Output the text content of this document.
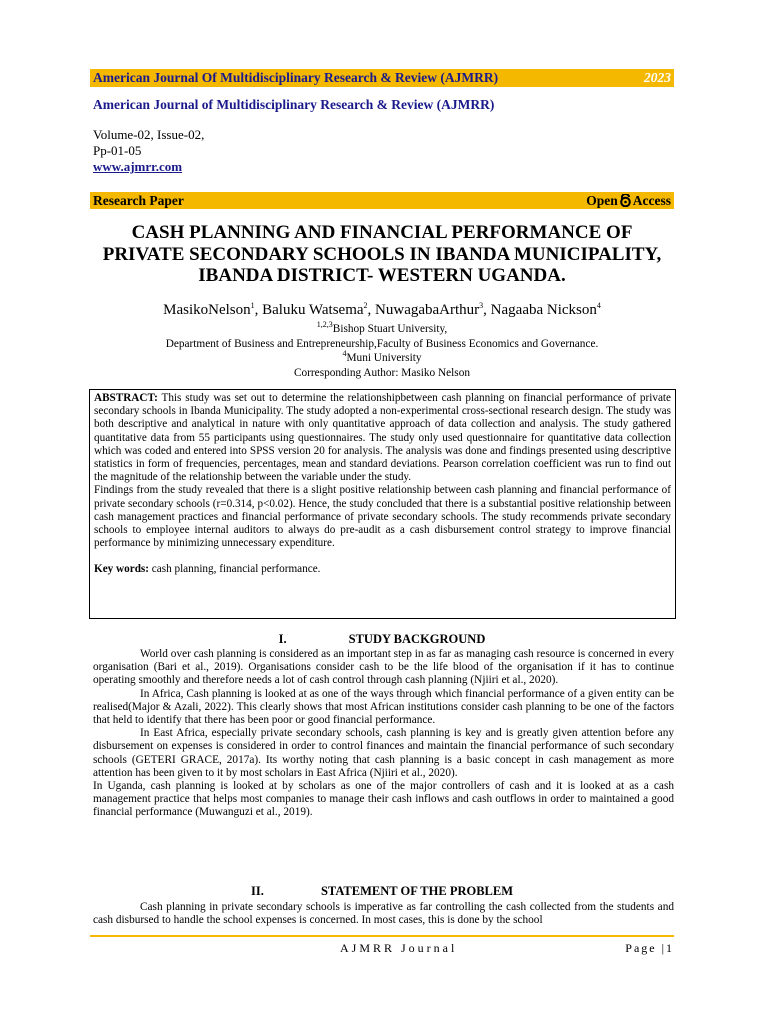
American Journal Of Multidisciplinary Research & Review (AJMRR)	2023
American Journal of Multidisciplinary Research & Review (AJMRR)
Volume-02, Issue-02,
Pp-01-05
www.ajmrr.com
Research Paper	Open Access
CASH PLANNING AND FINANCIAL PERFORMANCE OF PRIVATE SECONDARY SCHOOLS IN IBANDA MUNICIPALITY, IBANDA DISTRICT- WESTERN UGANDA.
MasikoNelson$^1$, Baluku Watsema$^2$, NuwagabaArthur$^3$, Nagaaba Nickson$^4$
$^{1,2,3}$Bishop Stuart University,
Department of Business and Entrepreneurship,Faculty of Business Economics and Governance.
$^4$Muni University
Corresponding Author: Masiko Nelson

ABSTRACT: This study was set out to determine the relationshipbetween cash planning on financial performance of private secondary schools in Ibanda Municipality. The study adopted a non-experimental cross-sectional research design. The study was both descriptive and analytical in nature with only quantitative approach of data collection and analysis. The study gathered quantitative data from 55 participants using questionnaires. The study only used questionnaire for quantitative data collection which was coded and entered into SPSS version 20 for analysis. The analysis was done and findings presented using descriptive statistics in form of frequencies, percentages, mean and standard deviations. Pearson correlation coefficient was run to find out the magnitude of the relationship between the variable under the study.

Findings from the study revealed that there is a slight positive relationship between cash planning and financial performance of private secondary schools (r=0.314, p<0.02). Hence, the study concluded that there is a substantial positive relationship between cash management practices and financial performance of private secondary schools. The study recommends private secondary schools to employee internal auditors to always do pre-audit as a cash disbursement control strategy to improve financial performance by minimizing unnecessary expenditure.

Key words: cash planning, financial performance.

I.	STUDY BACKGROUND

World over cash planning is considered as an important step in as far as managing cash resource is concerned in every organisation (Bari et al., 2019). Organisations consider cash to be the life blood of the organisation if it has to continue operating smoothly and therefore needs a lot of cash control through cash planning (Njiiri et al., 2020).

In Africa, Cash planning is looked at as one of the ways through which financial performance of a given entity can be realised(Major & Azali, 2022). This clearly shows that most African institutions consider cash planning to be one of the factors that held to identify that there has been poor or good financial performance.

In East Africa, especially private secondary schools, cash planning is key and is greatly given attention before any disbursement on expenses is considered in order to control finances and maintain the financial performance of such secondary schools (GETERI GRACE, 2017a). Its worthy noting that cash planning is a basic concept in cash management as more attention has been given to it by most scholars in East Africa (Njiiri et al., 2020).

In Uganda, cash planning is looked at by scholars as one of the major controllers of cash and it is looked at as a cash management practice that helps most companies to manage their cash inflows and cash outflows in order to maintained a good financial performance (Muwanguzi et al., 2019).

II.	STATEMENT OF THE PROBLEM

Cash planning in private secondary schools is imperative as far controlling the cash collected from the students and cash disbursed to handle the school expenses is concerned. In most cases, this is done by the school

AJMRR Journal	Page |1
